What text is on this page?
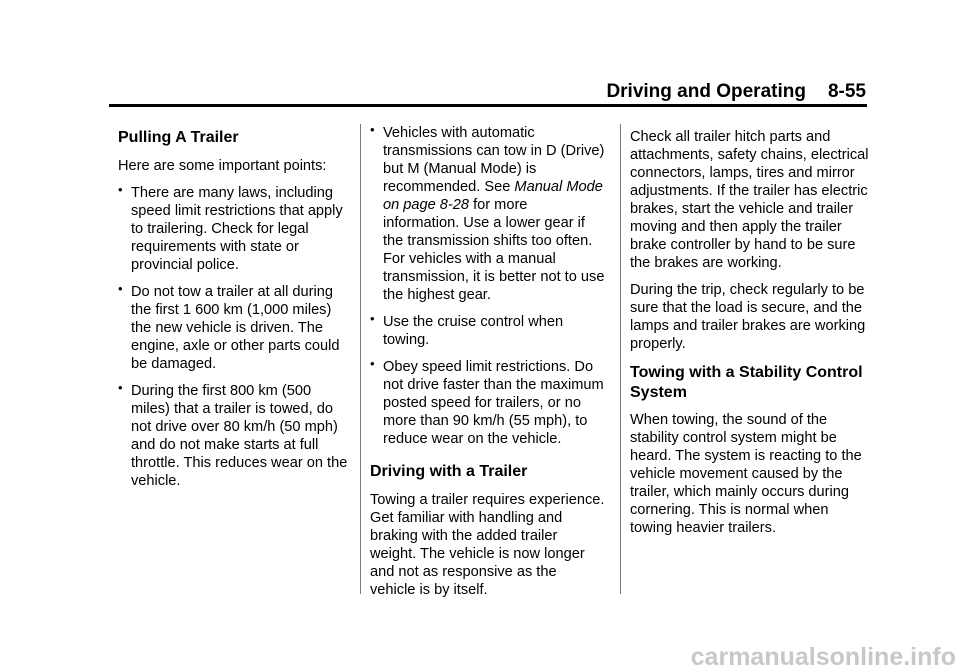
Driving and Operating 8-55
Pulling A Trailer

Here are some important points:

• There are many laws, including speed limit restrictions that apply to trailering. Check for legal requirements with state or provincial police.
• Do not tow a trailer at all during the first 1 600 km (1,000 miles) the new vehicle is driven. The engine, axle or other parts could be damaged.
• During the first 800 km (500 miles) that a trailer is towed, do not drive over 80 km/h (50 mph) and do not make starts at full throttle. This reduces wear on the vehicle.
• Vehicles with automatic transmissions can tow in D (Drive) but M (Manual Mode) is recommended. See Manual Mode on page 8-28 for more information. Use a lower gear if the transmission shifts too often. For vehicles with a manual transmission, it is better not to use the highest gear.
• Use the cruise control when towing.
• Obey speed limit restrictions. Do not drive faster than the maximum posted speed for trailers, or no more than 90 km/h (55 mph), to reduce wear on the vehicle.
Driving with a Trailer

Towing a trailer requires experience. Get familiar with handling and braking with the added trailer weight. The vehicle is now longer and not as responsive as the vehicle is by itself.

Check all trailer hitch parts and attachments, safety chains, electrical connectors, lamps, tires and mirror adjustments. If the trailer has electric brakes, start the vehicle and trailer moving and then apply the trailer brake controller by hand to be sure the brakes are working.

During the trip, check regularly to be sure that the load is secure, and the lamps and trailer brakes are working properly.

Towing with a Stability Control System

When towing, the sound of the stability control system might be heard. The system is reacting to the vehicle movement caused by the trailer, which mainly occurs during cornering. This is normal when towing heavier trailers.

carmanualsonline.info
